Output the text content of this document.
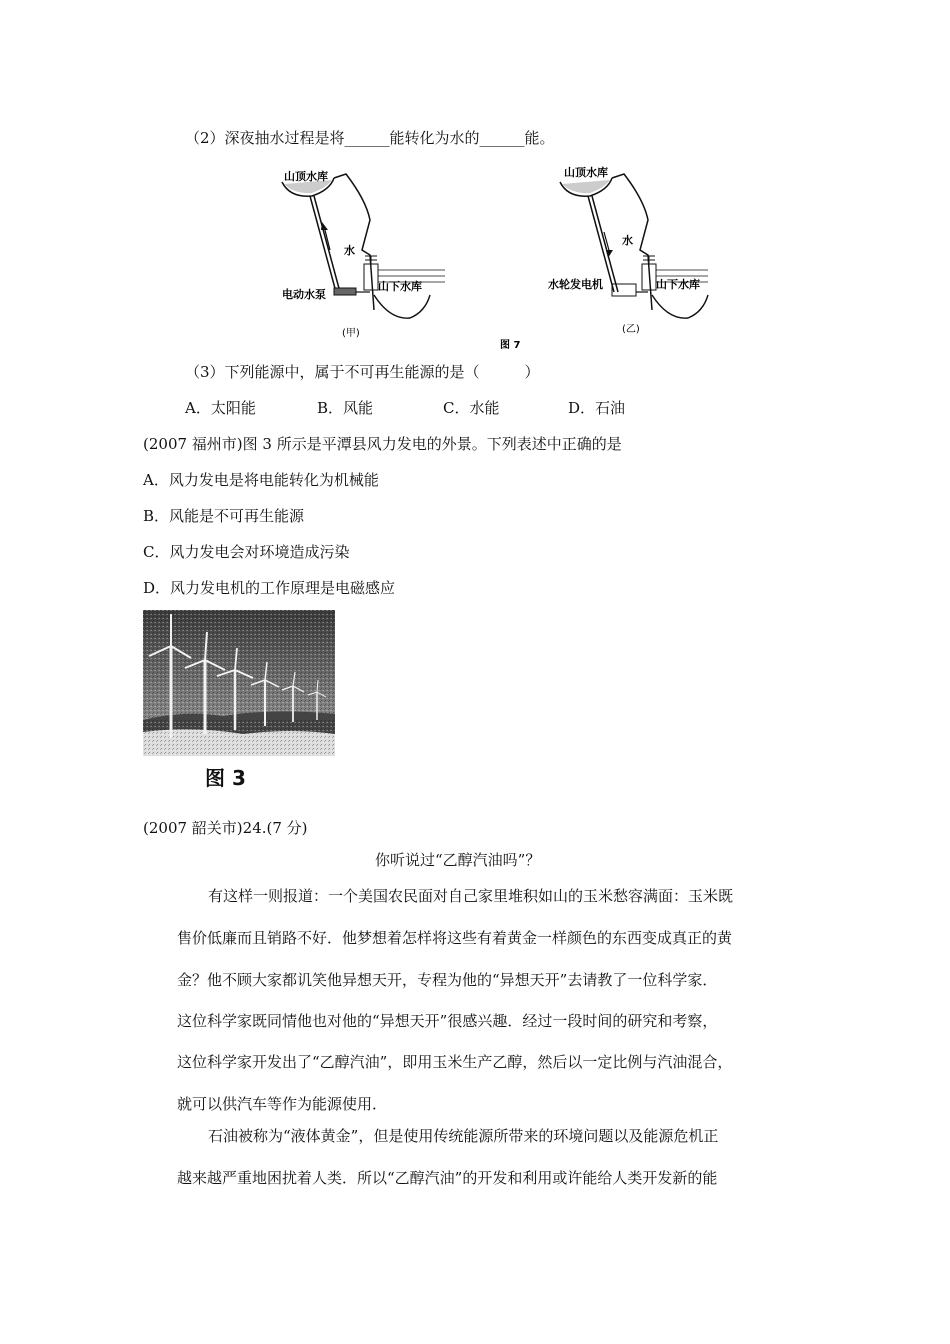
（2）深夜抽水过程是将______能转化为水的______能。
水
山顶水库
电动水泵
山下水库
(甲)
水
山顶水库
水轮发电机	山下水库
(乙)
图 7
（3）下列能源中，属于不可再生能源的是（　　　）
A．太阳能	B．风能	C．水能	D．石油
(2007 福州市)图 3 所示是平潭县风力发电的外景。下列表述中正确的是
A．风力发电是将电能转化为机械能
B．风能是不可再生能源
C．风力发电会对环境造成污染
D．风力发电机的工作原理是电磁感应
图 3
(2007 韶关市)24.(7 分)
你听说过“乙醇汽油吗”？
有这样一则报道：一个美国农民面对自己家里堆积如山的玉米愁容满面：玉米既
售价低廉而且销路不好．他梦想着怎样将这些有着黄金一样颜色的东西变成真正的黄
金？他不顾大家都讥笑他异想天开，专程为他的“异想天开”去请教了一位科学家．
这位科学家既同情他也对他的“异想天开”很感兴趣．经过一段时间的研究和考察，
这位科学家开发出了“乙醇汽油”，即用玉米生产乙醇，然后以一定比例与汽油混合，
就可以供汽车等作为能源使用．
石油被称为“液体黄金”，但是使用传统能源所带来的环境问题以及能源危机正
越来越严重地困扰着人类．所以“乙醇汽油”的开发和利用或许能给人类开发新的能
